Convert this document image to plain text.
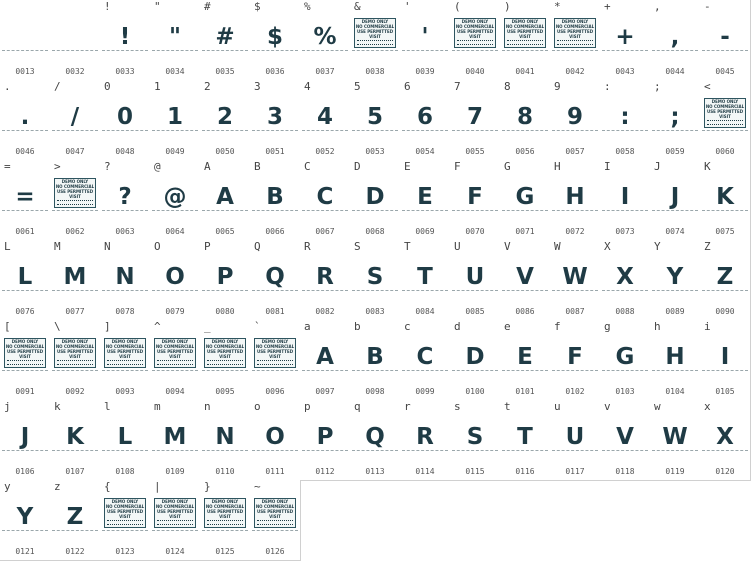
0013	0032
!
!
0033
"
"
0034
#
#
0035
$
$
0036
%
%
0037
&
DEMO ONLY
NO COMMERCIAL
USE PERMITTED
VISIT
0038
'
'
0039
(
DEMO ONLY
NO COMMERCIAL
USE PERMITTED
VISIT
0040
)
DEMO ONLY
NO COMMERCIAL
USE PERMITTED
VISIT
0041
*
DEMO ONLY
NO COMMERCIAL
USE PERMITTED
VISIT
0042
+
+
0043
,
,
0044
-
-
0045
.
.
0046
/
/
0047
0
0
0048
1
1
0049
2
2
0050
3
3
0051
4
4
0052
5
5
0053
6
6
0054
7
7
0055
8
8
0056
9
9
0057
:
:
0058
;
;
0059
<
DEMO ONLY
NO COMMERCIAL
USE PERMITTED
VISIT
0060
=
=
0061
>
DEMO ONLY
NO COMMERCIAL
USE PERMITTED
VISIT
0062
?
?
0063
@
@
0064
A
A
0065
B
B
0066
C
C
0067
D
D
0068
E
E
0069
F
F
0070
G
G
0071
H
H
0072
I
I
0073
J
J
0074
K
K
0075
L
L
0076
M
M
0077
N
N
0078
O
O
0079
P
P
0080
Q
Q
0081
R
R
0082
S
S
0083
T
T
0084
U
U
0085
V
V
0086
W
W
0087
X
X
0088
Y
Y
0089
Z
Z
0090
[
DEMO ONLY
NO COMMERCIAL
USE PERMITTED
VISIT
0091
\
DEMO ONLY
NO COMMERCIAL
USE PERMITTED
VISIT
0092
]
DEMO ONLY
NO COMMERCIAL
USE PERMITTED
VISIT
0093
^
DEMO ONLY
NO COMMERCIAL
USE PERMITTED
VISIT
0094
_
DEMO ONLY
NO COMMERCIAL
USE PERMITTED
VISIT
0095
`
DEMO ONLY
NO COMMERCIAL
USE PERMITTED
VISIT
0096
a
A
0097
b
B
0098
c
C
0099
d
D
0100
e
E
0101
f
F
0102
g
G
0103
h
H
0104
i
I
0105
j
J
0106
k
K
0107
l
L
0108
m
M
0109
n
N
0110
o
O
0111
p
P
0112
q
Q
0113
r
R
0114
s
S
0115
t
T
0116
u
U
0117
v
V
0118
w
W
0119
x
X
0120
y
Y
0121
z
Z
0122
{
DEMO ONLY
NO COMMERCIAL
USE PERMITTED
VISIT
0123
|
DEMO ONLY
NO COMMERCIAL
USE PERMITTED
VISIT
0124
}
DEMO ONLY
NO COMMERCIAL
USE PERMITTED
VISIT
0125
~
DEMO ONLY
NO COMMERCIAL
USE PERMITTED
VISIT
0126
